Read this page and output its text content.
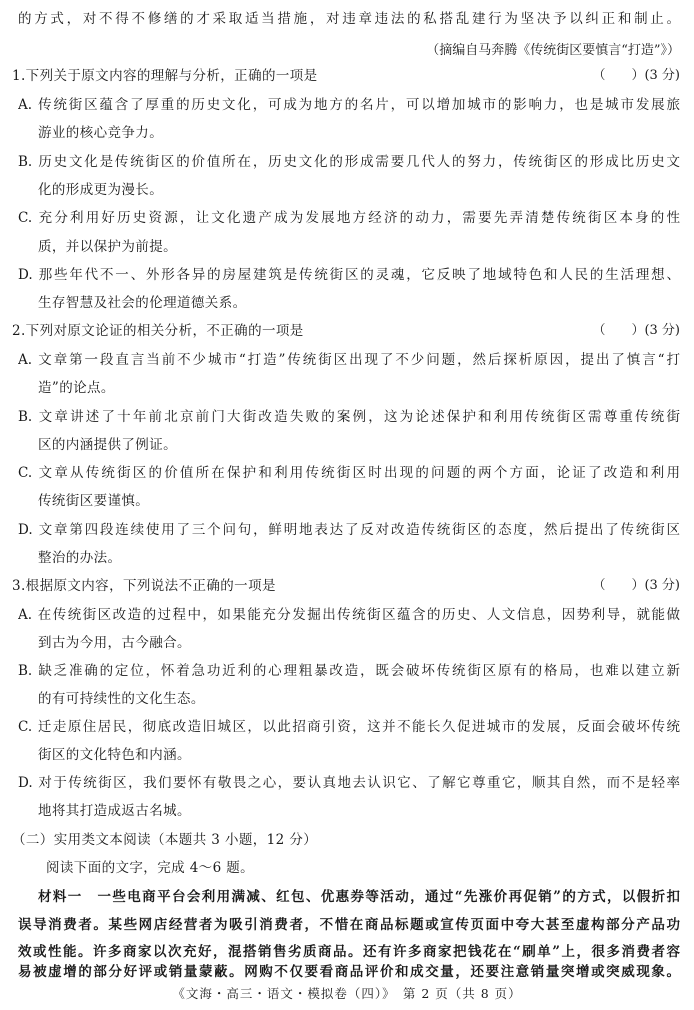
的方式，对不得不修缮的才采取适当措施，对违章违法的私搭乱建行为坚决予以纠正和制止。
（摘编自马奔腾《传统街区要慎言“打造”》）
1.下列关于原文内容的理解与分析，正确的一项是	（　　）(3 分)
A. 传统街区蕴含了厚重的历史文化，可成为地方的名片，可以增加城市的影响力，也是城市发展旅
游业的核心竞争力。
B. 历史文化是传统街区的价值所在，历史文化的形成需要几代人的努力，传统街区的形成比历史文
化的形成更为漫长。
C. 充分利用好历史资源，让文化遗产成为发展地方经济的动力，需要先弄清楚传统街区本身的性
质，并以保护为前提。
D. 那些年代不一、外形各异的房屋建筑是传统街区的灵魂，它反映了地域特色和人民的生活理想、
生存智慧及社会的伦理道德关系。
2.下列对原文论证的相关分析，不正确的一项是	（　　）(3 分)
A. 文章第一段直言当前不少城市“打造”传统街区出现了不少问题，然后探析原因，提出了慎言“打
造”的论点。
B. 文章讲述了十年前北京前门大街改造失败的案例，这为论述保护和利用传统街区需尊重传统街
区的内涵提供了例证。
C. 文章从传统街区的价值所在保护和利用传统街区时出现的问题的两个方面，论证了改造和利用
传统街区要谨慎。
D. 文章第四段连续使用了三个问句，鲜明地表达了反对改造传统街区的态度，然后提出了传统街区
整治的办法。
3.根据原文内容，下列说法不正确的一项是	（　　）(3 分)
A. 在传统街区改造的过程中，如果能充分发掘出传统街区蕴含的历史、人文信息，因势利导，就能做
到古为今用，古今融合。
B. 缺乏准确的定位，怀着急功近利的心理粗暴改造，既会破坏传统街区原有的格局，也难以建立新
的有可持续性的文化生态。
C. 迁走原住居民，彻底改造旧城区，以此招商引资，这并不能长久促进城市的发展，反面会破坏传统
街区的文化特色和内涵。
D. 对于传统街区，我们要怀有敬畏之心，要认真地去认识它、了解它尊重它，顺其自然，而不是轻率
地将其打造成返古名城。
（二）实用类文本阅读（本题共 3 小题，12 分）
阅读下面的文字，完成 4～6 题。
材料一　一些电商平台会利用满减、红包、优惠券等活动，通过“先涨价再促销”的方式，以假折扣
误导消费者。某些网店经营者为吸引消费者，不惜在商品标题或宣传页面中夸大甚至虚构部分产品功
效或性能。许多商家以次充好，混搭销售劣质商品。还有许多商家把钱花在“刷单”上，很多消费者容
易被虚增的部分好评或销量蒙蔽。网购不仅要看商品评价和成交量，还要注意销量突增或突威现象。
《文海・高三・语文・模拟卷（四）》　第 2 页（共 8 页）
